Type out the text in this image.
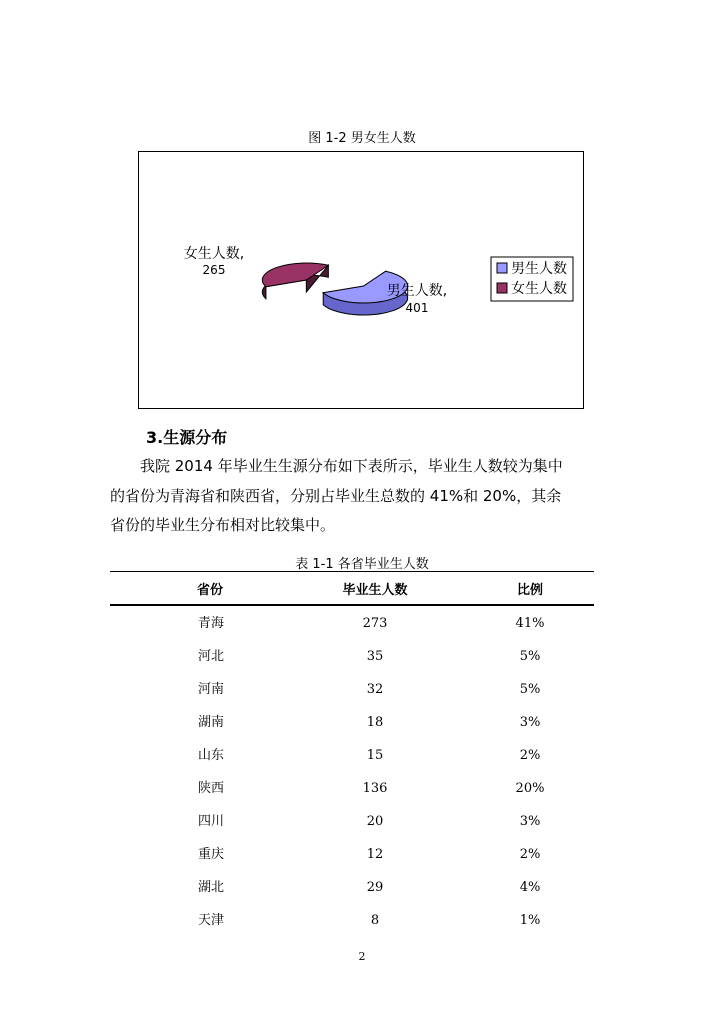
图 1-2 男女生人数
女生人数,
265
男生人数,
401
男生人数
女生人数
3.生源分布
我院 2014 年毕业生生源分布如下表所示，毕业生人数较为集中
的省份为青海省和陕西省，分别占毕业生总数的 41%和 20%，其余
省份的毕业生分布相对比较集中。
表 1-1 各省毕业生人数
省份	毕业生人数	比例
青海	273	41%
河北	35	5%
河南	32	5%
湖南	18	3%
山东	15	2%
陕西	136	20%
四川	20	3%
重庆	12	2%
湖北	29	4%
天津	8	1%
2
